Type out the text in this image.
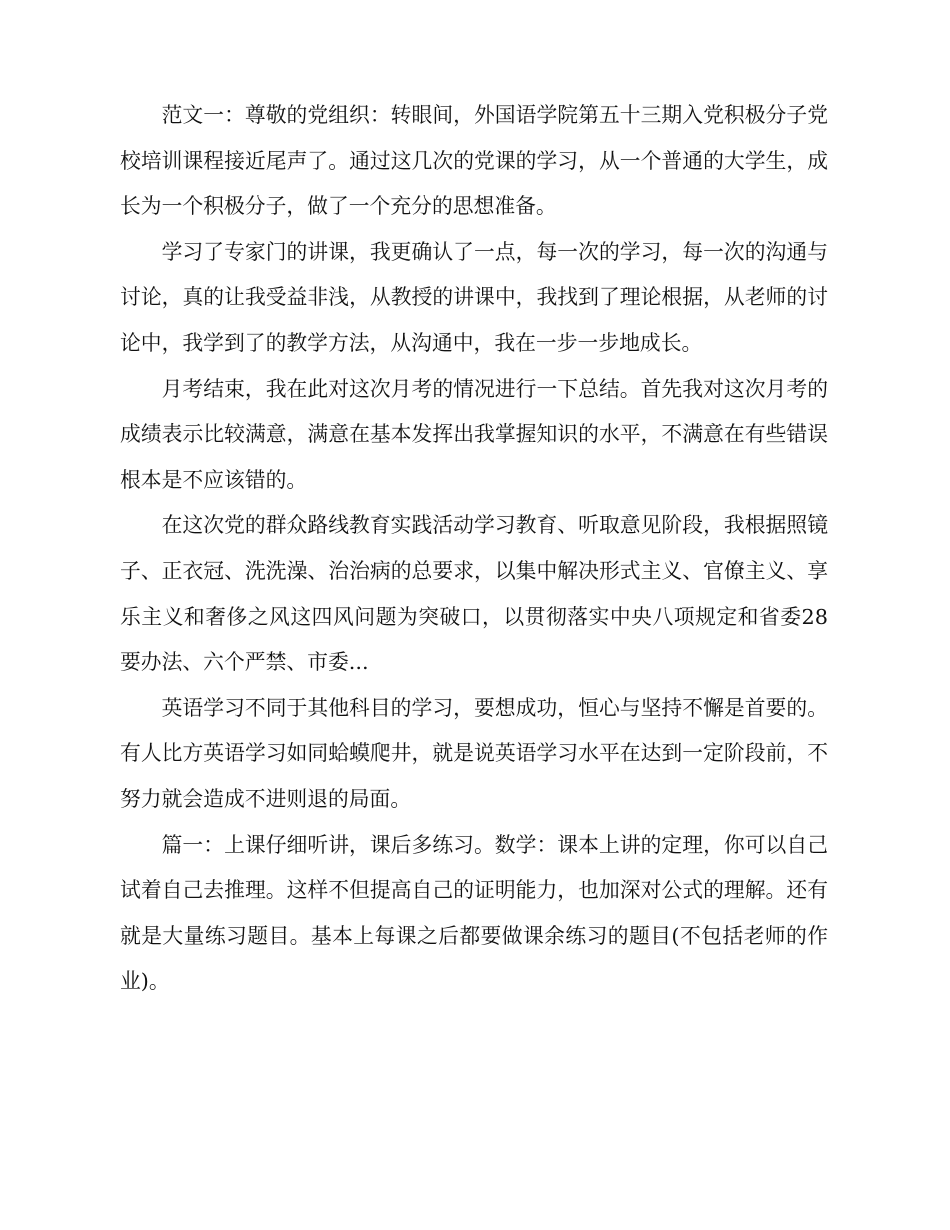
范文一：尊敬的党组织：转眼间，外国语学院第五十三期入党积极分子党校培训课程接近尾声了。通过这几次的党课的学习，从一个普通的大学生，成长为一个积极分子，做了一个充分的思想准备。

学习了专家门的讲课，我更确认了一点，每一次的学习，每一次的沟通与讨论，真的让我受益非浅，从教授的讲课中，我找到了理论根据，从老师的讨论中，我学到了的教学方法，从沟通中，我在一步一步地成长。

月考结束，我在此对这次月考的情况进行一下总结。首先我对这次月考的成绩表示比较满意，满意在基本发挥出我掌握知识的水平，不满意在有些错误根本是不应该错的。

在这次党的群众路线教育实践活动学习教育、听取意见阶段，我根据照镜子、正衣冠、洗洗澡、治治病的总要求，以集中解决形式主义、官僚主义、享乐主义和奢侈之风这四风问题为突破口，以贯彻落实中央八项规定和省委28要办法、六个严禁、市委...

英语学习不同于其他科目的学习，要想成功，恒心与坚持不懈是首要的。有人比方英语学习如同蛤蟆爬井，就是说英语学习水平在达到一定阶段前，不努力就会造成不进则退的局面。

篇一：上课仔细听讲，课后多练习。数学：课本上讲的定理，你可以自己试着自己去推理。这样不但提高自己的证明能力，也加深对公式的理解。还有就是大量练习题目。基本上每课之后都要做课余练习的题目(不包括老师的作业)。
